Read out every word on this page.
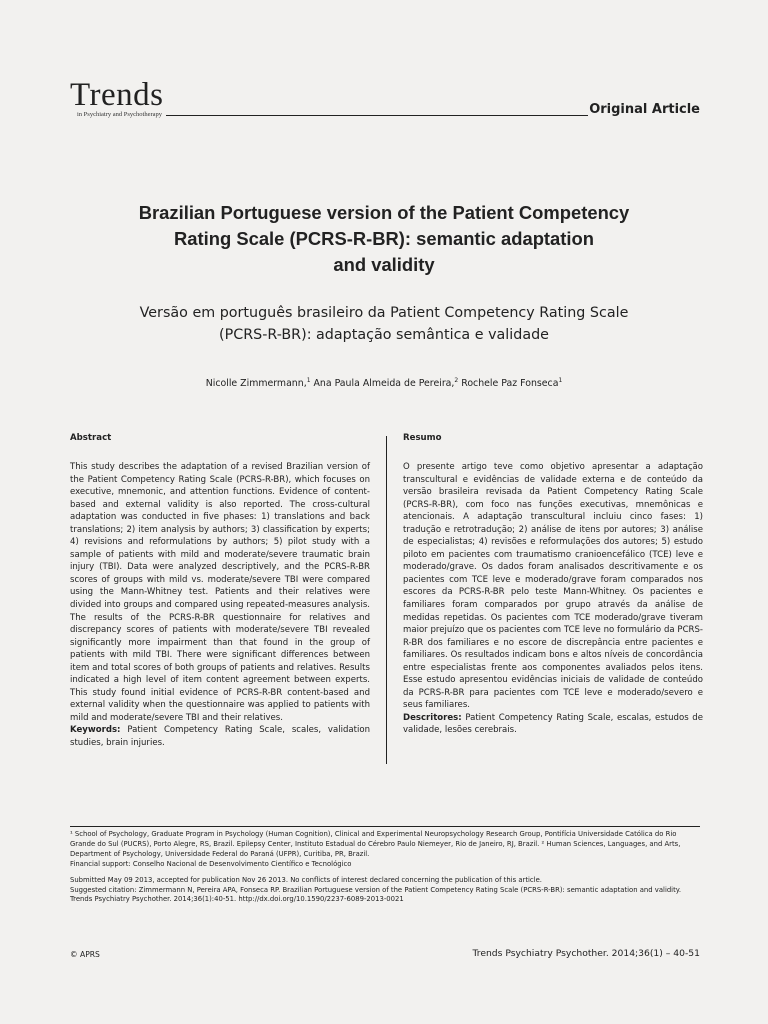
Trends
in Psychiatry and Psychotherapy	Original Article
Brazilian Portuguese version of the Patient Competency
Rating Scale (PCRS-R-BR): semantic adaptation
and validity
Versão em português brasileiro da Patient Competency Rating Scale
(PCRS-R-BR): adaptação semântica e validade
Nicolle Zimmermann,$^1$ Ana Paula Almeida de Pereira,$^2$ Rochele Paz Fonseca$^1$
Abstract

This study describes the adaptation of a revised Brazilian version of the Patient Competency Rating Scale (PCRS-R-BR), which focuses on executive, mnemonic, and attention functions. Evidence of content-based and external validity is also reported. The cross-cultural adaptation was conducted in five phases: 1) translations and back translations; 2) item analysis by authors; 3) classification by experts; 4) revisions and reformulations by authors; 5) pilot study with a sample of patients with mild and moderate/severe traumatic brain injury (TBI). Data were analyzed descriptively, and the PCRS-R-BR scores of groups with mild vs. moderate/severe TBI were compared using the Mann-Whitney test. Patients and their relatives were divided into groups and compared using repeated-measures analysis. The results of the PCRS-R-BR questionnaire for relatives and discrepancy scores of patients with moderate/severe TBI revealed significantly more impairment than that found in the group of patients with mild TBI. There were significant differences between item and total scores of both groups of patients and relatives. Results indicated a high level of item content agreement between experts. This study found initial evidence of PCRS-R-BR content-based and external validity when the questionnaire was applied to patients with mild and moderate/severe TBI and their relatives.

Keywords: Patient Competency Rating Scale, scales, validation studies, brain injuries.

Resumo

O presente artigo teve como objetivo apresentar a adaptação transcultural e evidências de validade externa e de conteúdo da versão brasileira revisada da Patient Competency Rating Scale (PCRS-R-BR), com foco nas funções executivas, mnemônicas e atencionais. A adaptação transcultural incluiu cinco fases: 1) tradução e retrotradução; 2) análise de itens por autores; 3) análise de especialistas; 4) revisões e reformulações dos autores; 5) estudo piloto em pacientes com traumatismo cranioencefálico (TCE) leve e moderado/grave. Os dados foram analisados descritivamente e os pacientes com TCE leve e moderado/grave foram comparados nos escores da PCRS-R-BR pelo teste Mann-Whitney. Os pacientes e familiares foram comparados por grupo através da análise de medidas repetidas. Os pacientes com TCE moderado/grave tiveram maior prejuízo que os pacientes com TCE leve no formulário da PCRS-R-BR dos familiares e no escore de discrepância entre pacientes e familiares. Os resultados indicam bons e altos níveis de concordância entre especialistas frente aos componentes avaliados pelos itens. Esse estudo apresentou evidências iniciais de validade de conteúdo da PCRS-R-BR para pacientes com TCE leve e moderado/severo e seus familiares.

Descritores: Patient Competency Rating Scale, escalas, estudos de validade, lesões cerebrais.

¹ School of Psychology, Graduate Program in Psychology (Human Cognition), Clinical and Experimental Neuropsychology Research Group, Pontifícia Universidade Católica do Rio Grande do Sul (PUCRS), Porto Alegre, RS, Brazil. Epilepsy Center, Instituto Estadual do Cérebro Paulo Niemeyer, Rio de Janeiro, RJ, Brazil. ² Human Sciences, Languages, and Arts, Department of Psychology, Universidade Federal do Paraná (UFPR), Curitiba, PR, Brazil.

Financial support: Conselho Nacional de Desenvolvimento Científico e Tecnológico

Submitted May 09 2013, accepted for publication Nov 26 2013. No conflicts of interest declared concerning the publication of this article.

Suggested citation: Zimmermann N, Pereira APA, Fonseca RP. Brazilian Portuguese version of the Patient Competency Rating Scale (PCRS-R-BR): semantic adaptation and validity. Trends Psychiatry Psychother. 2014;36(1):40-51. http://dx.doi.org/10.1590/2237-6089-2013-0021

© APRS	Trends Psychiatry Psychother. 2014;36(1) – 40-51
